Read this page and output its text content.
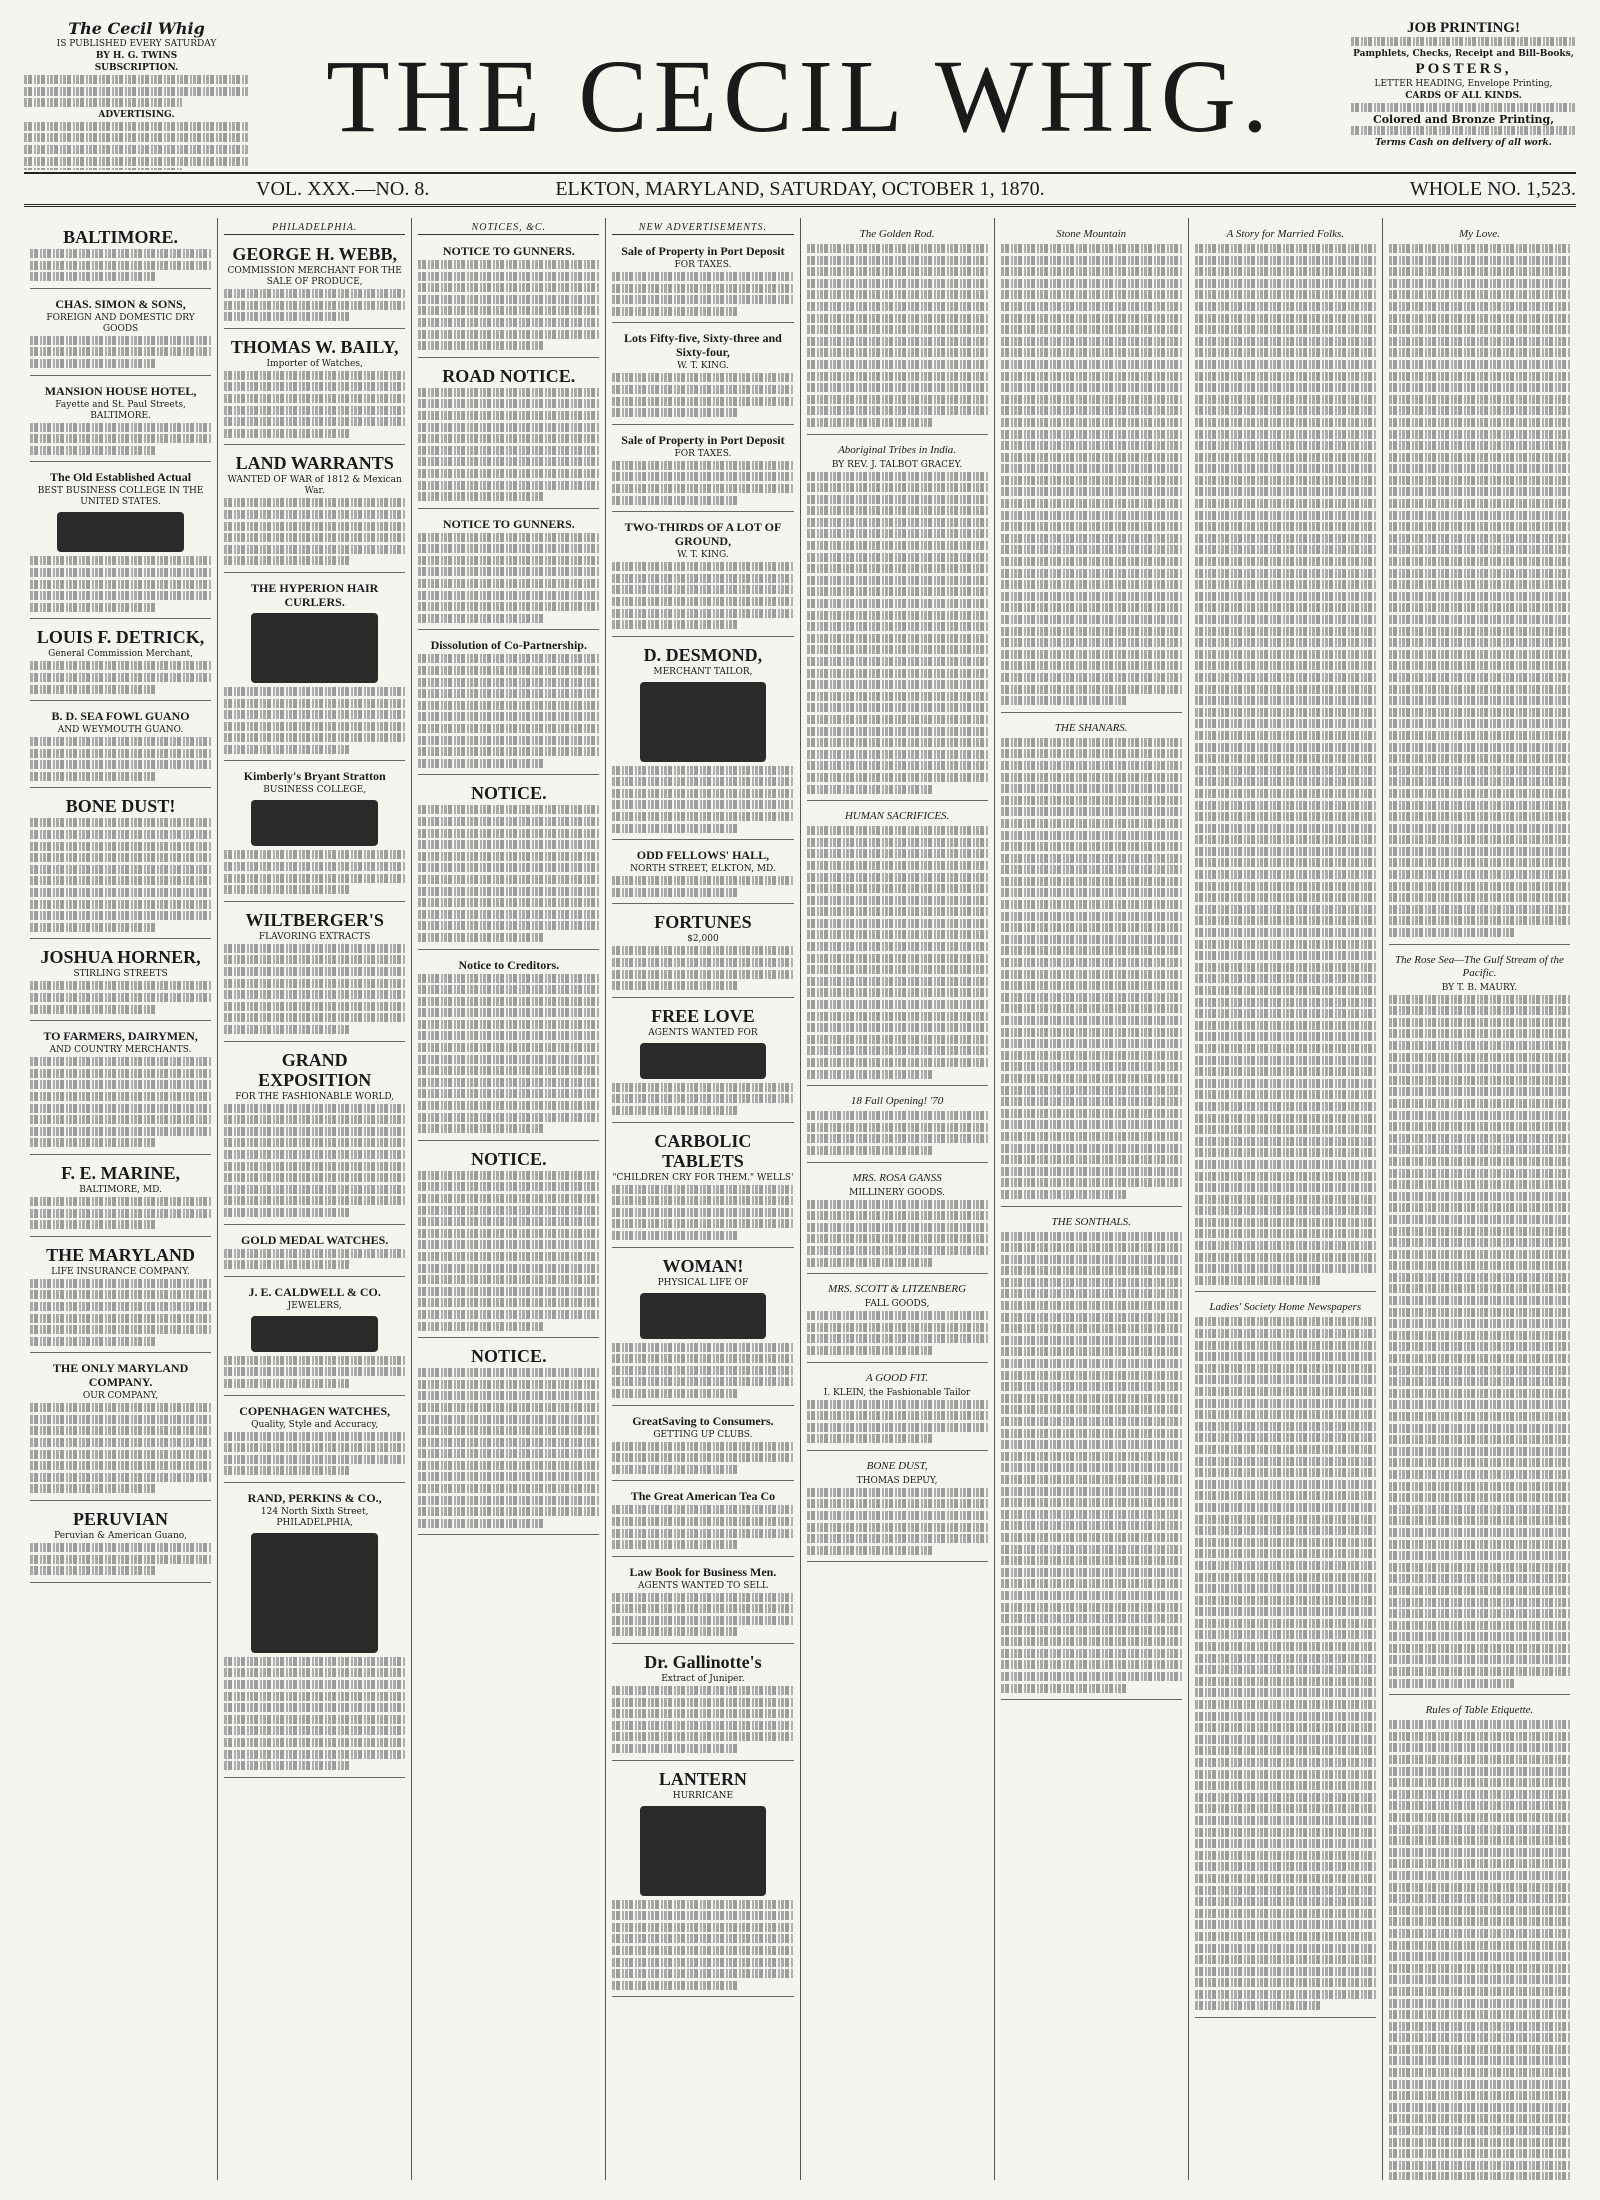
The Cecil Whig

IS PUBLISHED EVERY SATURDAY

BY H. G. TWINS

SUBSCRIPTION.

ADVERTISING.	THE CECIL WHIG.

JOB PRINTING!

Pamphlets, Checks, Receipt and Bill-Books,

POSTERS,

LETTER HEADING, Envelope Printing,

CARDS OF ALL KINDS.

Colored and Bronze Printing,

Terms Cash on delivery of all work.

VOL. XXX.—NO. 8.	ELKTON, MARYLAND, SATURDAY, OCTOBER 1, 1870.	WHOLE NO. 1,523.
BALTIMORE.
CHAS. SIMON & SONS,
FOREIGN AND DOMESTIC DRY GOODS
MANSION HOUSE HOTEL,
Fayette and St. Paul Streets, BALTIMORE.
The Old Established Actual
BEST BUSINESS COLLEGE IN THE UNITED STATES.
LOUIS F. DETRICK,
General Commission Merchant,
B. D. SEA FOWL GUANO
AND WEYMOUTH GUANO.
BONE DUST!
JOSHUA HORNER,
STIRLING STREETS
TO FARMERS, DAIRYMEN,
AND COUNTRY MERCHANTS.
F. E. MARINE,
BALTIMORE, MD.
THE MARYLAND
LIFE INSURANCE COMPANY.
THE ONLY MARYLAND COMPANY.
OUR COMPANY,
PERUVIAN
Peruvian & American Guano,
PHILADELPHIA.
GEORGE H. WEBB,
COMMISSION MERCHANT FOR THE SALE OF PRODUCE,
THOMAS W. BAILY,
Importer of Watches,
LAND WARRANTS
WANTED OF WAR of 1812 & Mexican War.
THE HYPERION HAIR CURLERS.
Kimberly's Bryant Stratton
BUSINESS COLLEGE,
WILTBERGER'S
FLAVORING EXTRACTS
GRAND EXPOSITION
FOR THE FASHIONABLE WORLD,
GOLD MEDAL WATCHES.
J. E. CALDWELL & CO.
JEWELERS,
COPENHAGEN WATCHES,
Quality, Style and Accuracy,
RAND, PERKINS & CO.,
124 North Sixth Street, PHILADELPHIA,
NOTICES, &C.
NOTICE TO GUNNERS.
ROAD NOTICE.
NOTICE TO GUNNERS.
Dissolution of Co-Partnership.
NOTICE.
Notice to Creditors.
NOTICE.
NOTICE.
NEW ADVERTISEMENTS.
Sale of Property in Port Deposit
FOR TAXES.
Lots Fifty-five, Sixty-three and Sixty-four,
W. T. KING.
Sale of Property in Port Deposit
FOR TAXES.
TWO-THIRDS OF A LOT OF GROUND,
W. T. KING.
D. DESMOND,
MERCHANT TAILOR,
ODD FELLOWS' HALL,
NORTH STREET, ELKTON, MD.
FORTUNES
$2,000
FREE LOVE
AGENTS WANTED FOR
CARBOLIC TABLETS
"CHILDREN CRY FOR THEM." WELLS'
WOMAN!
PHYSICAL LIFE OF
GreatSaving to Consumers.
GETTING UP CLUBS.
The Great American Tea Co
Law Book for Business Men.
AGENTS WANTED TO SELL
Dr. Gallinotte's
Extract of Juniper.
LANTERN
HURRICANE
The Golden Rod.
Aboriginal Tribes in India.
BY REV. J. TALBOT GRACEY.
HUMAN SACRIFICES.
18 Fall Opening! '70
MRS. ROSA GANSS
MILLINERY GOODS.
MRS. SCOTT & LITZENBERG
FALL GOODS,
A GOOD FIT.
I. KLEIN, the Fashionable Tailor
BONE DUST,
THOMAS DEPUY,
Stone Mountain
THE SHANARS.
THE SONTHALS.
A Story for Married Folks.
Ladies' Society Home Newspapers
My Love.
The Rose Sea—The Gulf Stream of the Pacific.
BY T. B. MAURY.
Rules of Table Etiquette.
